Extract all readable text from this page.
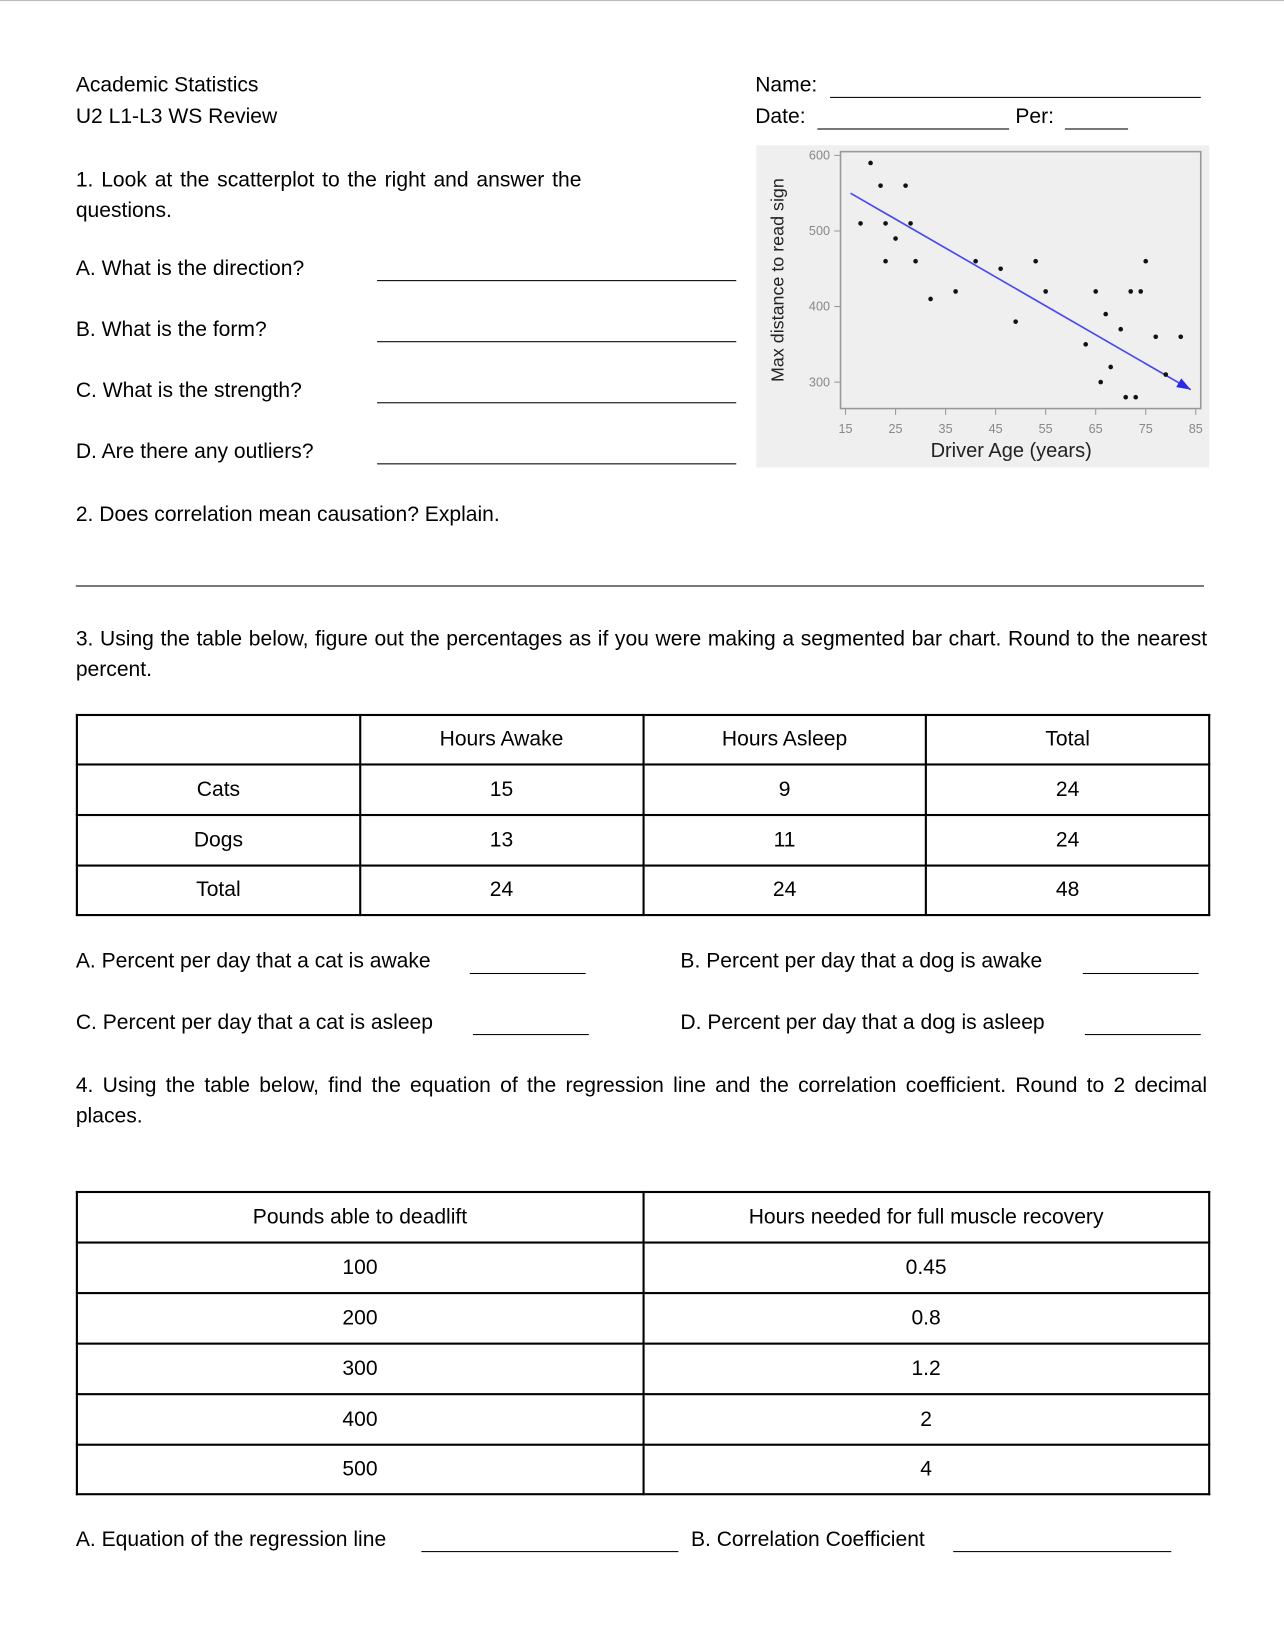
Academic Statistics
U2 L1-L3 WS Review
Name:
Date:	Per:
1. Look at the scatterplot to the right and answer the questions.
A. What is the direction?
B. What is the form?
C. What is the strength?
D. Are there any outliers?
Max distance to read sign
Driver Age (years)
15	25	35	45	55	65	75	85
600
500
400
300
2. Does correlation mean causation? Explain.
3. Using the table below, figure out the percentages as if you were making a segmented bar chart. Round to the nearest percent.
	Hours Awake	Hours Asleep	Total
Cats	15	9	24
Dogs	13	11	24
Total	24	24	48
A. Percent per day that a cat is awake	B. Percent per day that a dog is awake
C. Percent per day that a cat is asleep	D. Percent per day that a dog is asleep
4. Using the table below, find the equation of the regression line and the correlation coefficient. Round to 2 decimal places.
Pounds able to deadlift	Hours needed for full muscle recovery
100	0.45
200	0.8
300	1.2
400	2
500	4
A. Equation of the regression line	B. Correlation Coefficient
